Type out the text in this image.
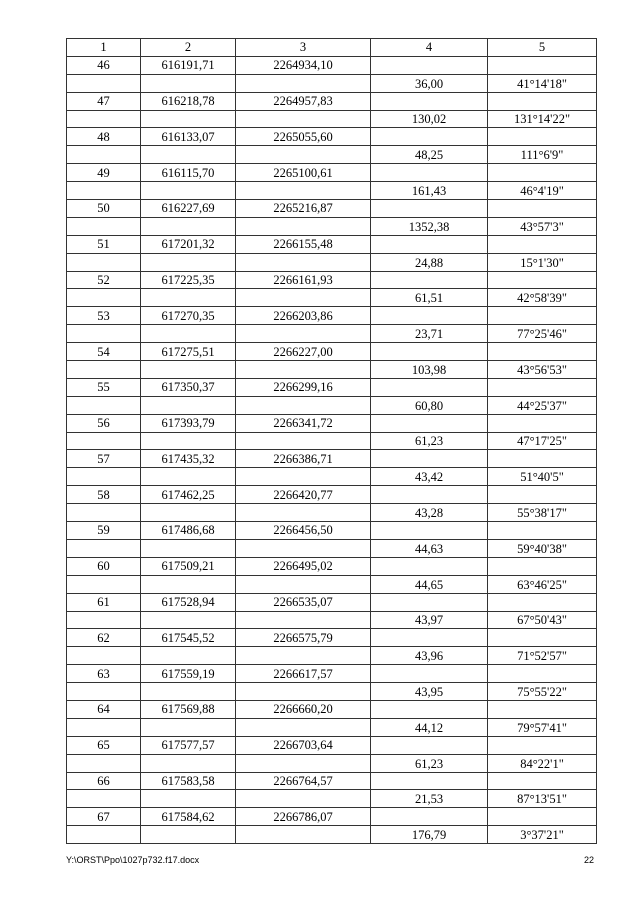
1	2	3	4	5
46	616191,71	2264934,10		
			36,00	41°14'18"
47	616218,78	2264957,83		
			130,02	131°14'22"
48	616133,07	2265055,60		
			48,25	111°6'9"
49	616115,70	2265100,61		
			161,43	46°4'19"
50	616227,69	2265216,87		
			1352,38	43°57'3"
51	617201,32	2266155,48		
			24,88	15°1'30"
52	617225,35	2266161,93		
			61,51	42°58'39"
53	617270,35	2266203,86		
			23,71	77°25'46"
54	617275,51	2266227,00		
			103,98	43°56'53"
55	617350,37	2266299,16		
			60,80	44°25'37"
56	617393,79	2266341,72		
			61,23	47°17'25"
57	617435,32	2266386,71		
			43,42	51°40'5"
58	617462,25	2266420,77		
			43,28	55°38'17"
59	617486,68	2266456,50		
			44,63	59°40'38"
60	617509,21	2266495,02		
			44,65	63°46'25"
61	617528,94	2266535,07		
			43,97	67°50'43"
62	617545,52	2266575,79		
			43,96	71°52'57"
63	617559,19	2266617,57		
			43,95	75°55'22"
64	617569,88	2266660,20		
			44,12	79°57'41"
65	617577,57	2266703,64		
			61,23	84°22'1"
66	617583,58	2266764,57		
			21,53	87°13'51"
67	617584,62	2266786,07		
			176,79	3°37'21"
Y:\ORST\Ppo\1027p732.f17.docx	22
